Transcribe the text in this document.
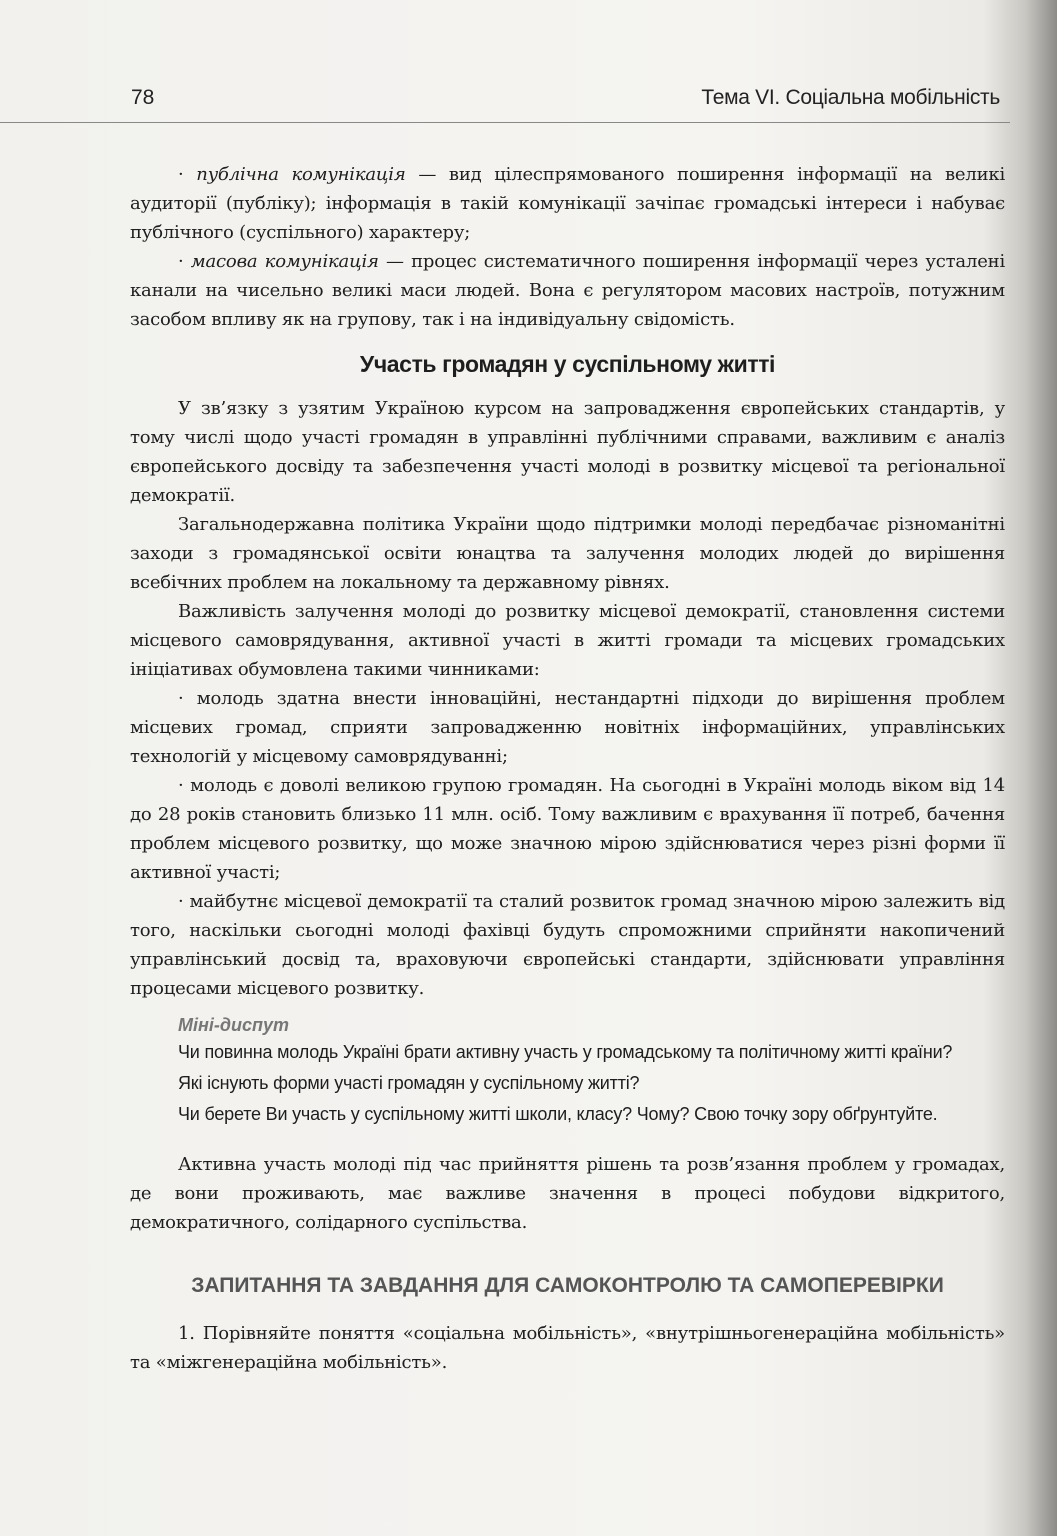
78	Тема VI. Соціальна мобільність

· публічна комунікація — вид цілеспрямованого поширення інформації на великі аудиторії (публіку); інформація в такій комунікації зачіпає громадські інтереси і набуває публічного (суспільного) характеру;

· масова комунікація — процес систематичного поширення інформації через усталені канали на чисельно великі маси людей. Вона є регулятором масових настроїв, потужним засобом впливу як на групову, так і на індивідуальну свідомість.

Участь громадян у суспільному житті

У зв’язку з узятим Україною курсом на запровадження європейських стандартів, у тому числі щодо участі громадян в управлінні публічними справами, важливим є аналіз європейського досвіду та забезпечення участі молоді в розвитку місцевої та регіональної демократії.

Загальнодержавна політика України щодо підтримки молоді передбачає різноманітні заходи з громадянської освіти юнацтва та залучення молодих людей до вирішення всебічних проблем на локальному та державному рівнях.

Важливість залучення молоді до розвитку місцевої демократії, становлення системи місцевого самоврядування, активної участі в житті громади та місцевих громадських ініціативах обумовлена такими чинниками:

· молодь здатна внести інноваційні, нестандартні підходи до вирішення проблем місцевих громад, сприяти запровадженню новітніх інформаційних, управлінських технологій у місцевому самоврядуванні;

· молодь є доволі великою групою громадян. На сьогодні в Україні молодь віком від 14 до 28 років становить близько 11 млн. осіб. Тому важливим є врахування її потреб, бачення проблем місцевого розвитку, що може значною мірою здійснюватися через різні форми її активної участі;

· майбутнє місцевої демократії та сталий розвиток громад значною мірою залежить від того, наскільки сьогодні молоді фахівці будуть спроможними сприйняти накопичений управлінський досвід та, враховуючи європейські стандарти, здійснювати управління процесами місцевого розвитку.

Міні-диспут

Чи повинна молодь Україні брати активну участь у громадському та політичному житті країни?

Які існують форми участі громадян у суспільному житті?

Чи берете Ви участь у суспільному житті школи, класу? Чому? Свою точку зору обґрунтуйте.

Активна участь молоді під час прийняття рішень та розв’язання проблем у громадах, де вони проживають, має важливе значення в процесі побудови відкритого, демократичного, солідарного суспільства.

ЗАПИТАННЯ ТА ЗАВДАННЯ ДЛЯ САМОКОНТРОЛЮ ТА САМОПЕРЕВІРКИ

1. Порівняйте поняття «соціальна мобільність», «внутрішньогенераційна мобільність» та «міжгенераційна мобільність».
